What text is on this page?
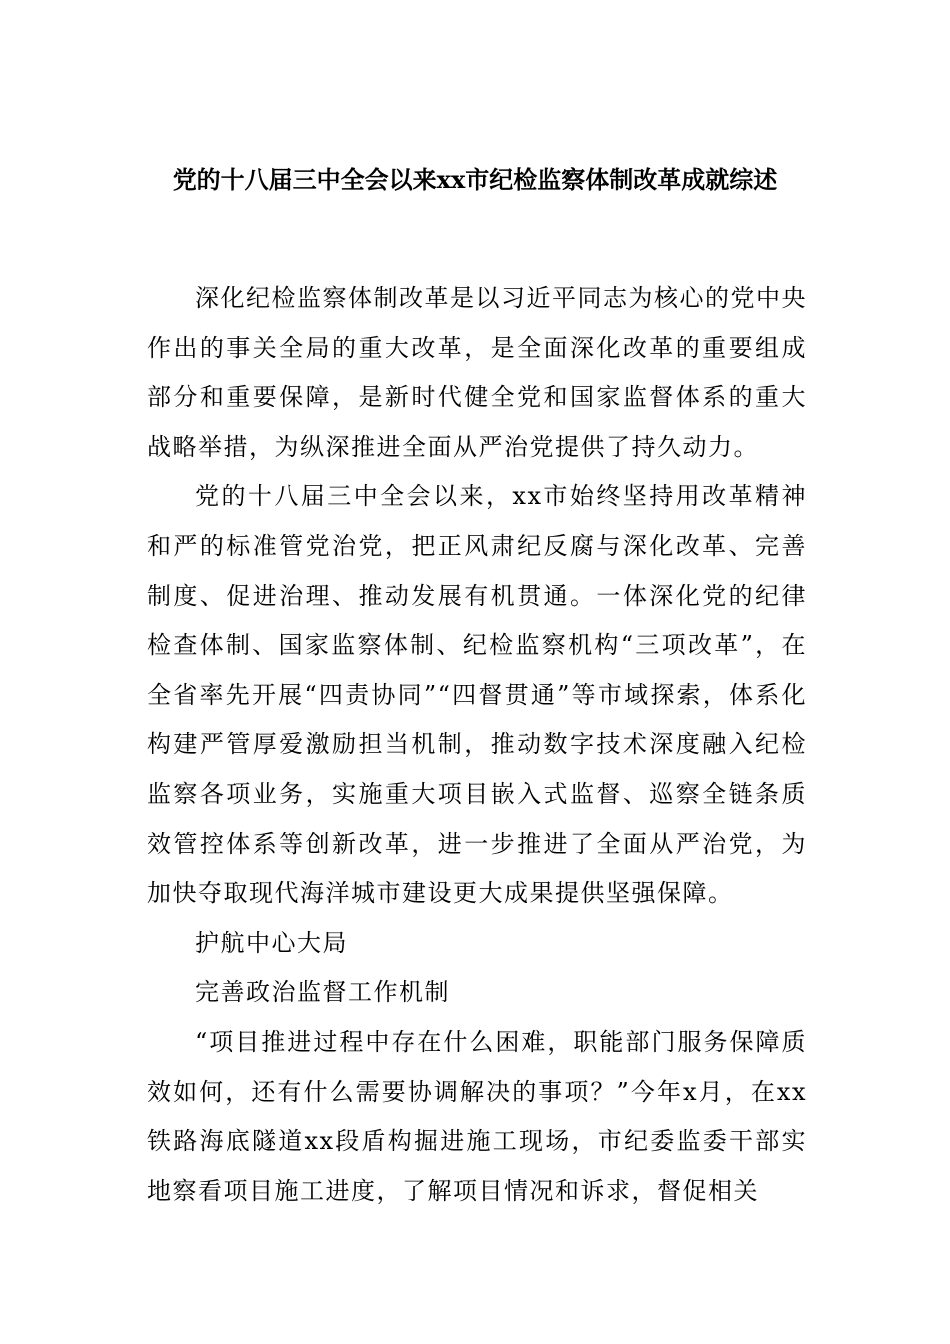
党的十八届三中全会以来xx市纪检监察体制改革成就综述

深化纪检监察体制改革是以习近平同志为核心的党中央作出的事关全局的重大改革，是全面深化改革的重要组成部分和重要保障，是新时代健全党和国家监督体系的重大战略举措，为纵深推进全面从严治党提供了持久动力。

党的十八届三中全会以来，xx市始终坚持用改革精神和严的标准管党治党，把正风肃纪反腐与深化改革、完善制度、促进治理、推动发展有机贯通。一体深化党的纪律检查体制、国家监察体制、纪检监察机构“三项改革”，在全省率先开展“四责协同”“四督贯通”等市域探索，体系化构建严管厚爱激励担当机制，推动数字技术深度融入纪检监察各项业务，实施重大项目嵌入式监督、巡察全链条质效管控体系等创新改革，进一步推进了全面从严治党，为加快夺取现代海洋城市建设更大成果提供坚强保障。

护航中心大局

完善政治监督工作机制

“项目推进过程中存在什么困难，职能部门服务保障质效如何，还有什么需要协调解决的事项？”今年x月，在xx铁路海底隧道xx段盾构掘进施工现场，市纪委监委干部实地察看项目施工进度，了解项目情况和诉求，督促相关
